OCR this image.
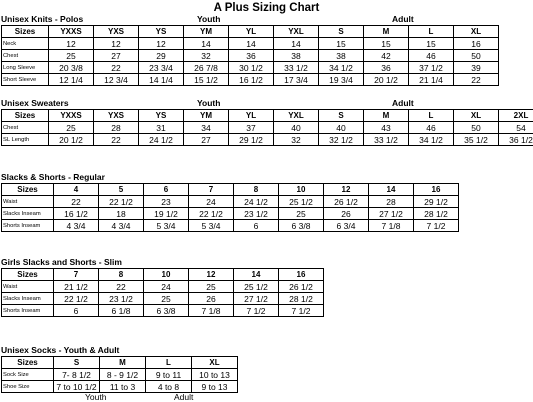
A Plus Sizing Chart
Unisex Knits - Polos	Youth	Adult
Sizes	YXXS	YXS	YS	YM	YL	YXL	S	M	L	XL
Neck	12	12	12	14	14	14	15	15	15	16
Chest	25	27	29	32	36	38	38	42	46	50
Long Sleeve	20 3/8	22	23 3/4	26 7/8	30 1/2	33 1/2	34 1/2	36	37 1/2	39
Short Sleeve	12 1/4	12 3/4	14 1/4	15 1/2	16 1/2	17 3/4	19 3/4	20 1/2	21 1/4	22
Unisex Sweaters	Youth	Adult
Sizes	YXXS	YXS	YS	YM	YL	YXL	S	M	L	XL	2XL
Chest	25	28	31	34	37	40	40	43	46	50	54
SL Length	20 1/2	22	24 1/2	27	29 1/2	32	32 1/2	33 1/2	34 1/2	35 1/2	36 1/2
Slacks & Shorts - Regular
Sizes	4	5	6	7	8	10	12	14	16
Waist	22	22 1/2	23	24	24 1/2	25 1/2	26 1/2	28	29 1/2
Slacks Inseam	16 1/2	18	19 1/2	22 1/2	23 1/2	25	26	27 1/2	28 1/2
Shorts Inseam	4 3/4	4 3/4	5 3/4	5 3/4	6	6 3/8	6 3/4	7 1/8	7 1/2
Girls Slacks and Shorts - Slim
Sizes	7	8	10	12	14	16
Waist	21 1/2	22	24	25	25 1/2	26 1/2
Slacks Inseam	22 1/2	23 1/2	25	26	27 1/2	28 1/2
Shorts Inseam	6	6 1/8	6 3/8	7 1/8	7 1/2	7 1/2
Unisex Socks - Youth & Adult
Sizes	S	M	L	XL
Sock Size	7- 8 1/2	8 - 9 1/2	9 to 11	10 to 13
Shoe Size	7 to 10 1/2	11 to 3	4 to 8	9 to 13
Youth	Adult
